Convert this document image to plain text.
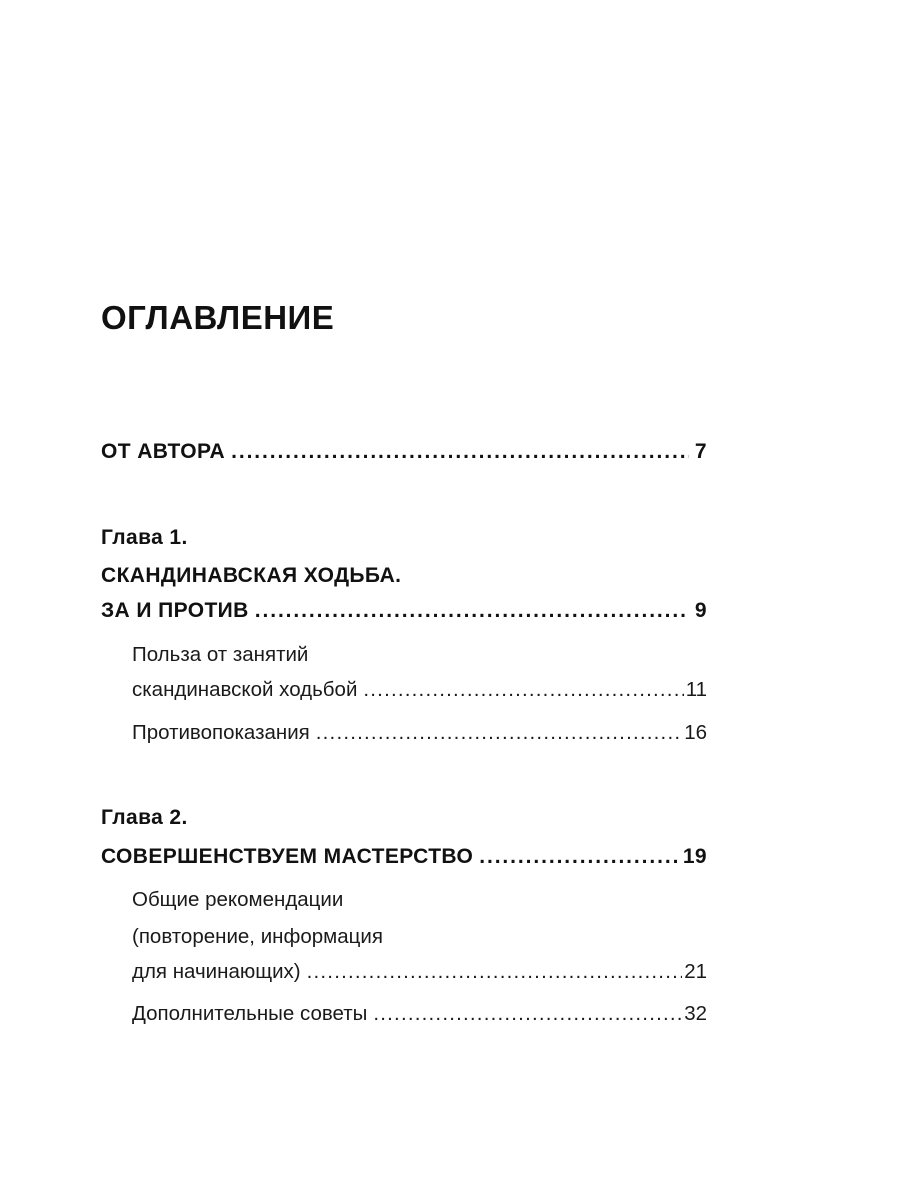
ОГЛАВЛЕНИЕ
ОТ АВТОРА .....	7
Глава 1.
СКАНДИНАВСКАЯ ХОДЬБА.
ЗА И ПРОТИВ .....	9
Польза от занятий
скандинавской ходьбой .....	11
Противопоказания .....	16
Глава 2.
СОВЕРШЕНСТВУЕМ МАСТЕРСТВО .....	19
Общие рекомендации
(повторение, информация
для начинающих) .....	21
Дополнительные советы .....	32
